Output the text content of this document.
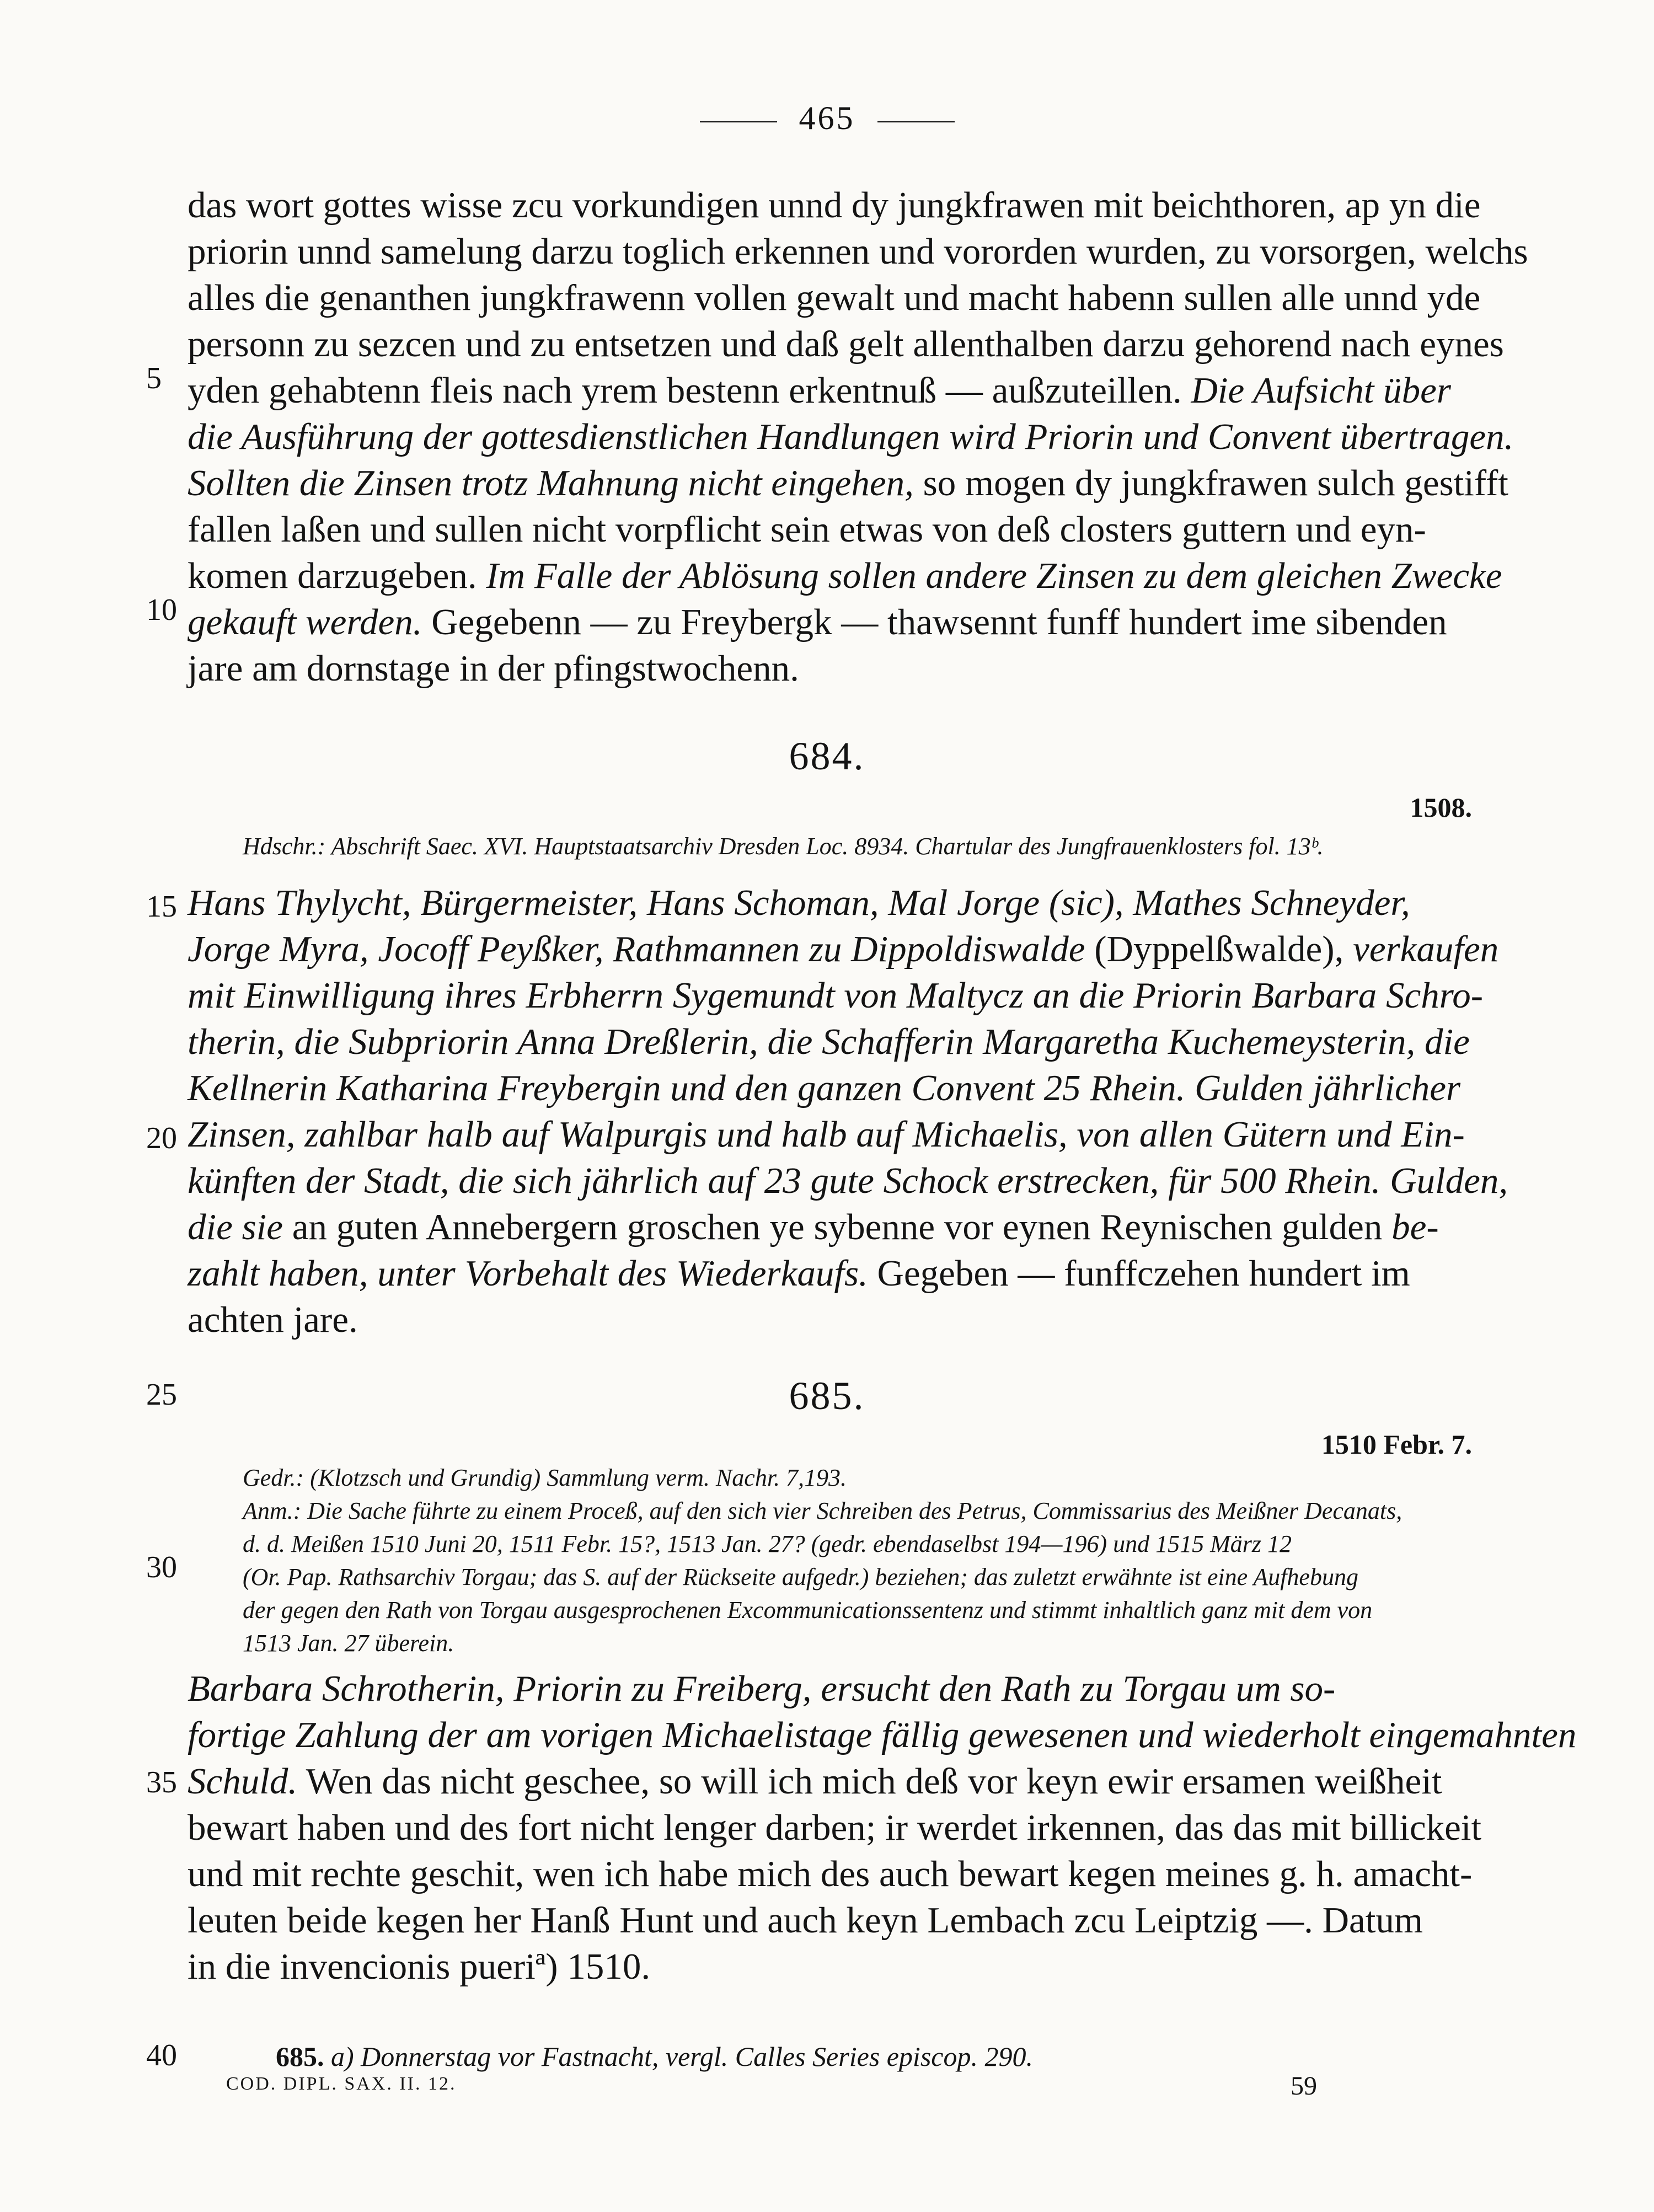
465
das wort gottes wisse zcu vorkundigen unnd dy jungkfrawen mit beichthoren, ap yn die
priorin unnd samelung darzu toglich erkennen und vororden wurden, zu vorsorgen, welchs
alles die genanthen jungkfrawenn vollen gewalt und macht habenn sullen alle unnd yde
personn zu sezcen und zu entsetzen und daß gelt allenthalben darzu gehorend nach eynes
yden gehabtenn fleis nach yrem bestenn erkentnuß — außzuteillen. Die Aufsicht über
die Ausführung der gottesdienstlichen Handlungen wird Priorin und Convent übertragen.
Sollten die Zinsen trotz Mahnung nicht eingehen, so mogen dy jungkfrawen sulch gestifft
fallen laßen und sullen nicht vorpflicht sein etwas von deß closters guttern und eyn-
komen darzugeben. Im Falle der Ablösung sollen andere Zinsen zu dem gleichen Zwecke
gekauft werden. Gegebenn — zu Freybergk — thawsennt funff hundert ime sibenden
jare am dornstage in der pfingstwochenn.
5
10
684.
1508.
Hdschr.: Abschrift Saec. XVI. Hauptstaatsarchiv Dresden Loc. 8934. Chartular des Jungfrauenklosters fol. 13ᵇ.
Hans Thylycht, Bürgermeister, Hans Schoman, Mal Jorge (sic), Mathes Schneyder,
Jorge Myra, Jocoff Peyßker, Rathmannen zu Dippoldiswalde (Dyppelßwalde), verkaufen
mit Einwilligung ihres Erbherrn Sygemundt von Maltycz an die Priorin Barbara Schro-
therin, die Subpriorin Anna Dreßlerin, die Schafferin Margaretha Kuchemeysterin, die
Kellnerin Katharina Freybergin und den ganzen Convent 25 Rhein. Gulden jährlicher
Zinsen, zahlbar halb auf Walpurgis und halb auf Michaelis, von allen Gütern und Ein-
künften der Stadt, die sich jährlich auf 23 gute Schock erstrecken, für 500 Rhein. Gulden,
die sie an guten Annebergern groschen ye sybenne vor eynen Reynischen gulden be-
zahlt haben, unter Vorbehalt des Wiederkaufs. Gegeben — funffczehen hundert im
achten jare.
15
20
25	685.
1510 Febr. 7.
Gedr.: (Klotzsch und Grundig) Sammlung verm. Nachr. 7,193.
Anm.: Die Sache führte zu einem Proceß, auf den sich vier Schreiben des Petrus, Commissarius des Meißner Decanats,
d. d. Meißen 1510 Juni 20, 1511 Febr. 15?, 1513 Jan. 27? (gedr. ebendaselbst 194—196) und 1515 März 12
(Or. Pap. Rathsarchiv Torgau; das S. auf der Rückseite aufgedr.) beziehen; das zuletzt erwähnte ist eine Aufhebung
der gegen den Rath von Torgau ausgesprochenen Excommunicationssentenz und stimmt inhaltlich ganz mit dem von
1513 Jan. 27 überein.
30
Barbara Schrotherin, Priorin zu Freiberg, ersucht den Rath zu Torgau um so-
fortige Zahlung der am vorigen Michaelistage fällig gewesenen und wiederholt eingemahnten
Schuld. Wen das nicht geschee, so will ich mich deß vor keyn ewir ersamen weißheit
bewart haben und des fort nicht lenger darben; ir werdet irkennen, das das mit billickeit
und mit rechte geschit, wen ich habe mich des auch bewart kegen meines g. h. amacht-
leuten beide kegen her Hanß Hunt und auch keyn Lembach zcu Leiptzig —. Datum
in die invencionis pueriª) 1510.
35
40	685. a) Donnerstag vor Fastnacht, vergl. Calles Series episcop. 290.
COD. DIPL. SAX. II. 12.	59
